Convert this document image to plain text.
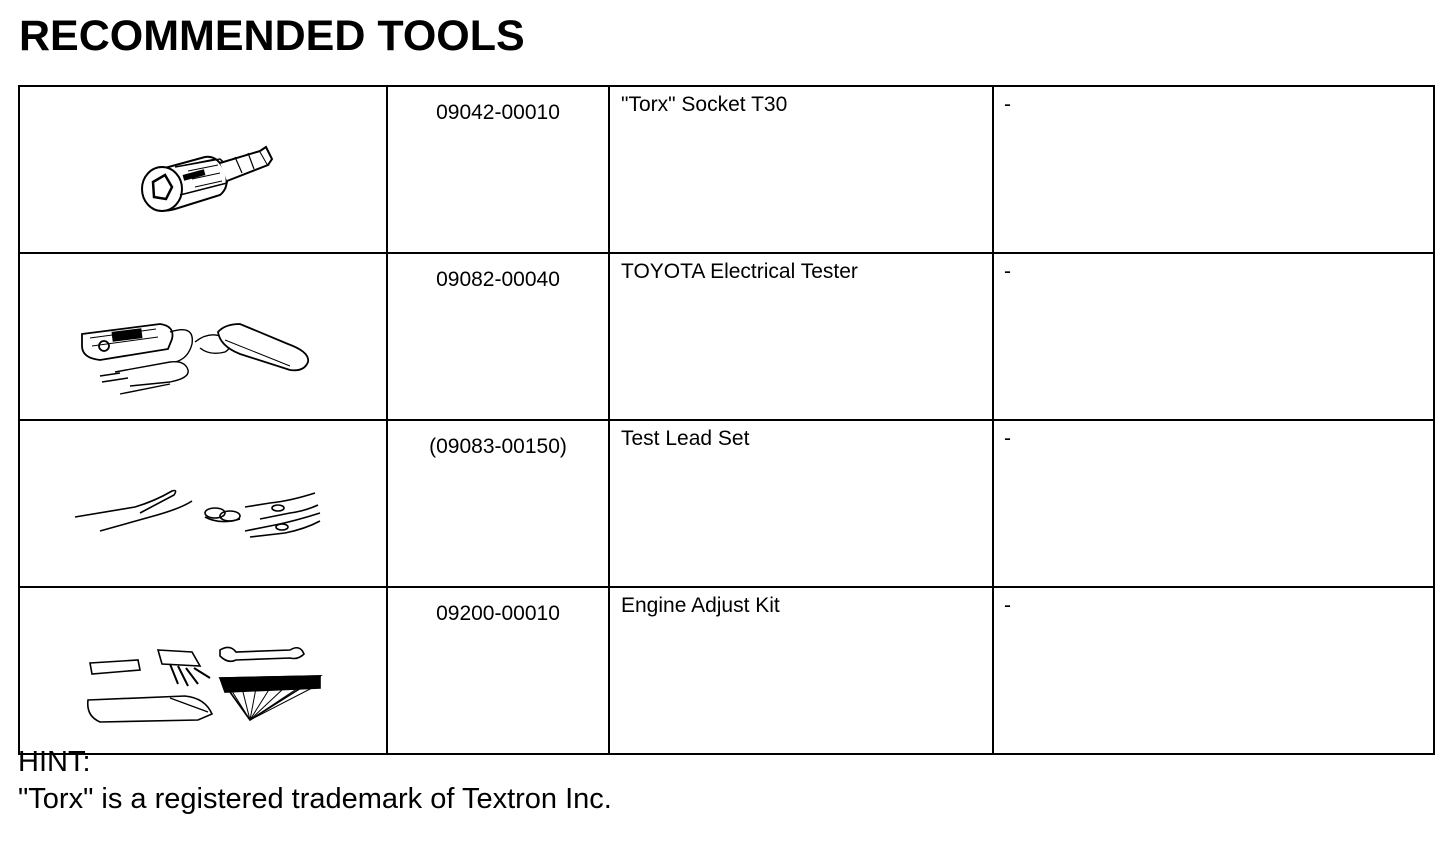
RECOMMENDED TOOLS

09042-00010	"Torx" Socket T30	-

09082-00040	TOYOTA Electrical Tester	-

(09083-00150)	Test Lead Set	-

09200-00010	Engine Adjust Kit	-
HINT:
"Torx" is a registered trademark of Textron Inc.
